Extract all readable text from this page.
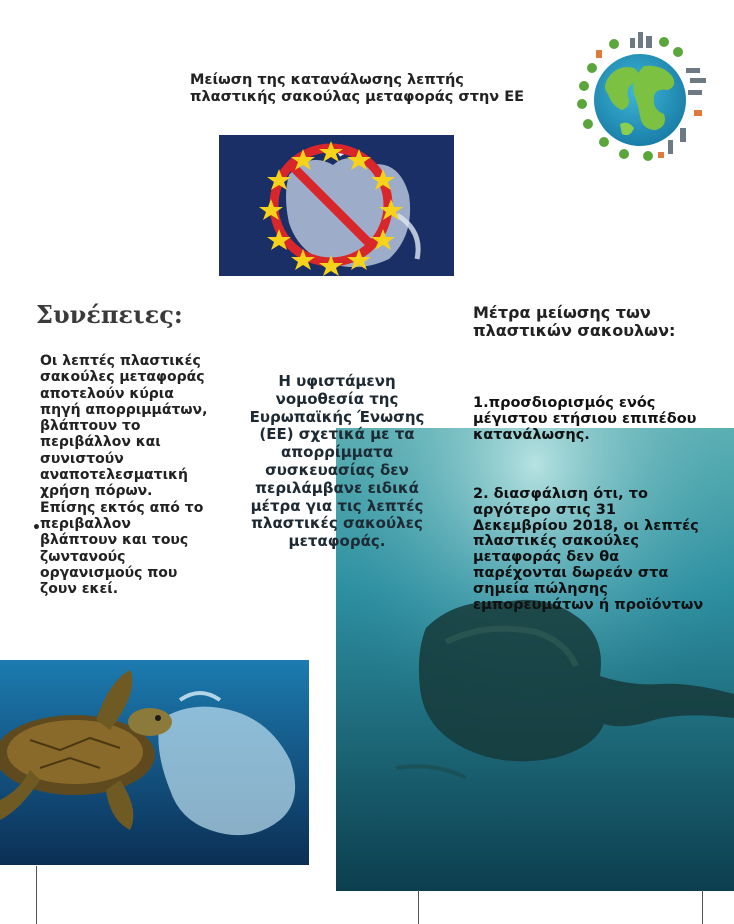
Μείωση της κατανάλωσης λεπτής
πλαστικής σακούλας μεταφοράς στην ΕΕ
Συνέπειες:	Μέτρα μείωσης των πλαστικών σακουλων:
•
Οι λεπτές πλαστικές σακούλες μεταφοράς αποτελούν κύρια πηγή απορριμμάτων, βλάπτουν το περιβάλλον και συνιστούν αναποτελεσματική χρήση πόρων. Επίσης εκτός από το περιβαλλον βλάπτουν και τους ζωντανούς οργανισμούς που ζουν εκεί.
Η υφιστάμενη νομοθεσία της Ευρωπαϊκής Ένωσης (ΕΕ) σχετικά με τα απορρίμματα συσκευασίας δεν περιλάμβανε ειδικά μέτρα για τις λεπτές πλαστικές σακούλες μεταφοράς.
1.προσδιορισμός ενός μέγιστου ετήσιου επιπέδου κατανάλωσης.
2. διασφάλιση ότι, το αργότερο στις 31 Δεκεμβρίου 2018, οι λεπτές πλαστικές σακούλες μεταφοράς δεν θα παρέχονται δωρεάν στα σημεία πώλησης εμπορευμάτων ή προϊόντων
